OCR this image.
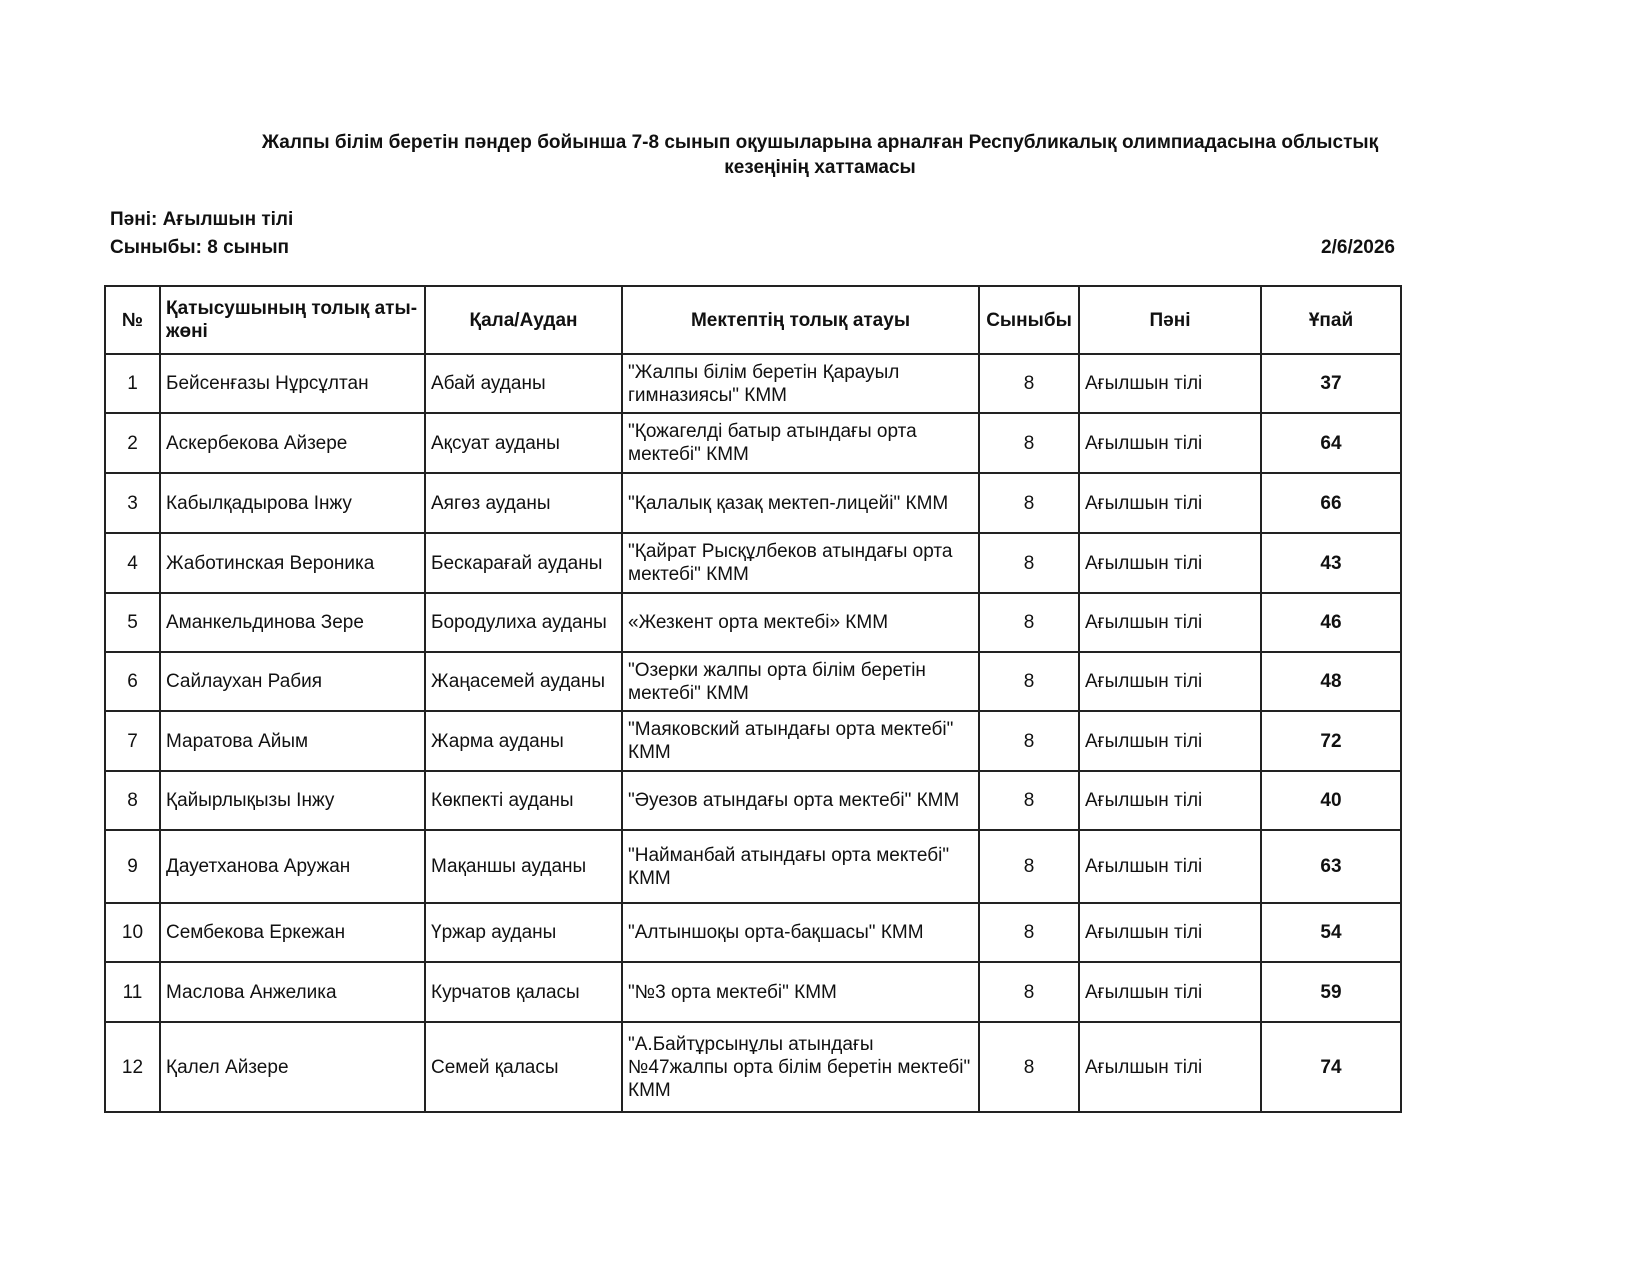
Жалпы білім беретін пәндер бойынша 7-8 сынып оқушыларына арналған Республикалық олимпиадасына облыстық
кезеңінің хаттамасы
Пәні: Ағылшын тілі
Сыныбы: 8 сынып	2/6/2026
№	Қатысушының толық аты-жөні	Қала/Аудан	Мектептің толық атауы	Сыныбы	Пәні	Ұпай
1	Бейсенғазы Нұрсұлтан	Абай ауданы	"Жалпы білім беретін Қарауыл гимназиясы" КММ	8	Ағылшын тілі	37
2	Аскербекова Айзере	Ақсуат ауданы	"Қожагелді батыр атындағы орта мектебі" КММ	8	Ағылшын тілі	64
3	Кабылқадырова Інжу	Аягөз ауданы	"Қалалық қазақ мектеп-лицейі" КММ	8	Ағылшын тілі	66
4	Жаботинская Вероника	Бескарағай ауданы	"Қайрат Рысқұлбеков атындағы орта мектебі" КММ	8	Ағылшын тілі	43
5	Аманкельдинова Зере	Бородулиха ауданы	«Жезкент орта мектебі» КММ	8	Ағылшын тілі	46
6	Сайлаухан Рабия	Жаңасемей ауданы	"Озерки жалпы орта білім беретін мектебі" КММ	8	Ағылшын тілі	48
7	Маратова Айым	Жарма ауданы	"Маяковский атындағы орта мектебі" КММ	8	Ағылшын тілі	72
8	Қайырлықызы Інжу	Көкпекті ауданы	"Әуезов атындағы орта мектебі" КММ	8	Ағылшын тілі	40
9	Дауетханова Аружан	Мақаншы ауданы	"Найманбай атындағы орта мектебі" КММ	8	Ағылшын тілі	63
10	Сембекова Еркежан	Үржар ауданы	"Алтыншоқы орта-бақшасы" КММ	8	Ағылшын тілі	54
11	Маслова Анжелика	Курчатов қаласы	"№3 орта мектебі" КММ	8	Ағылшын тілі	59
12	Қалел Айзере	Семей қаласы	"А.Байтұрсынұлы атындағы №47жалпы орта білім беретін мектебі" КММ	8	Ағылшын тілі	74
